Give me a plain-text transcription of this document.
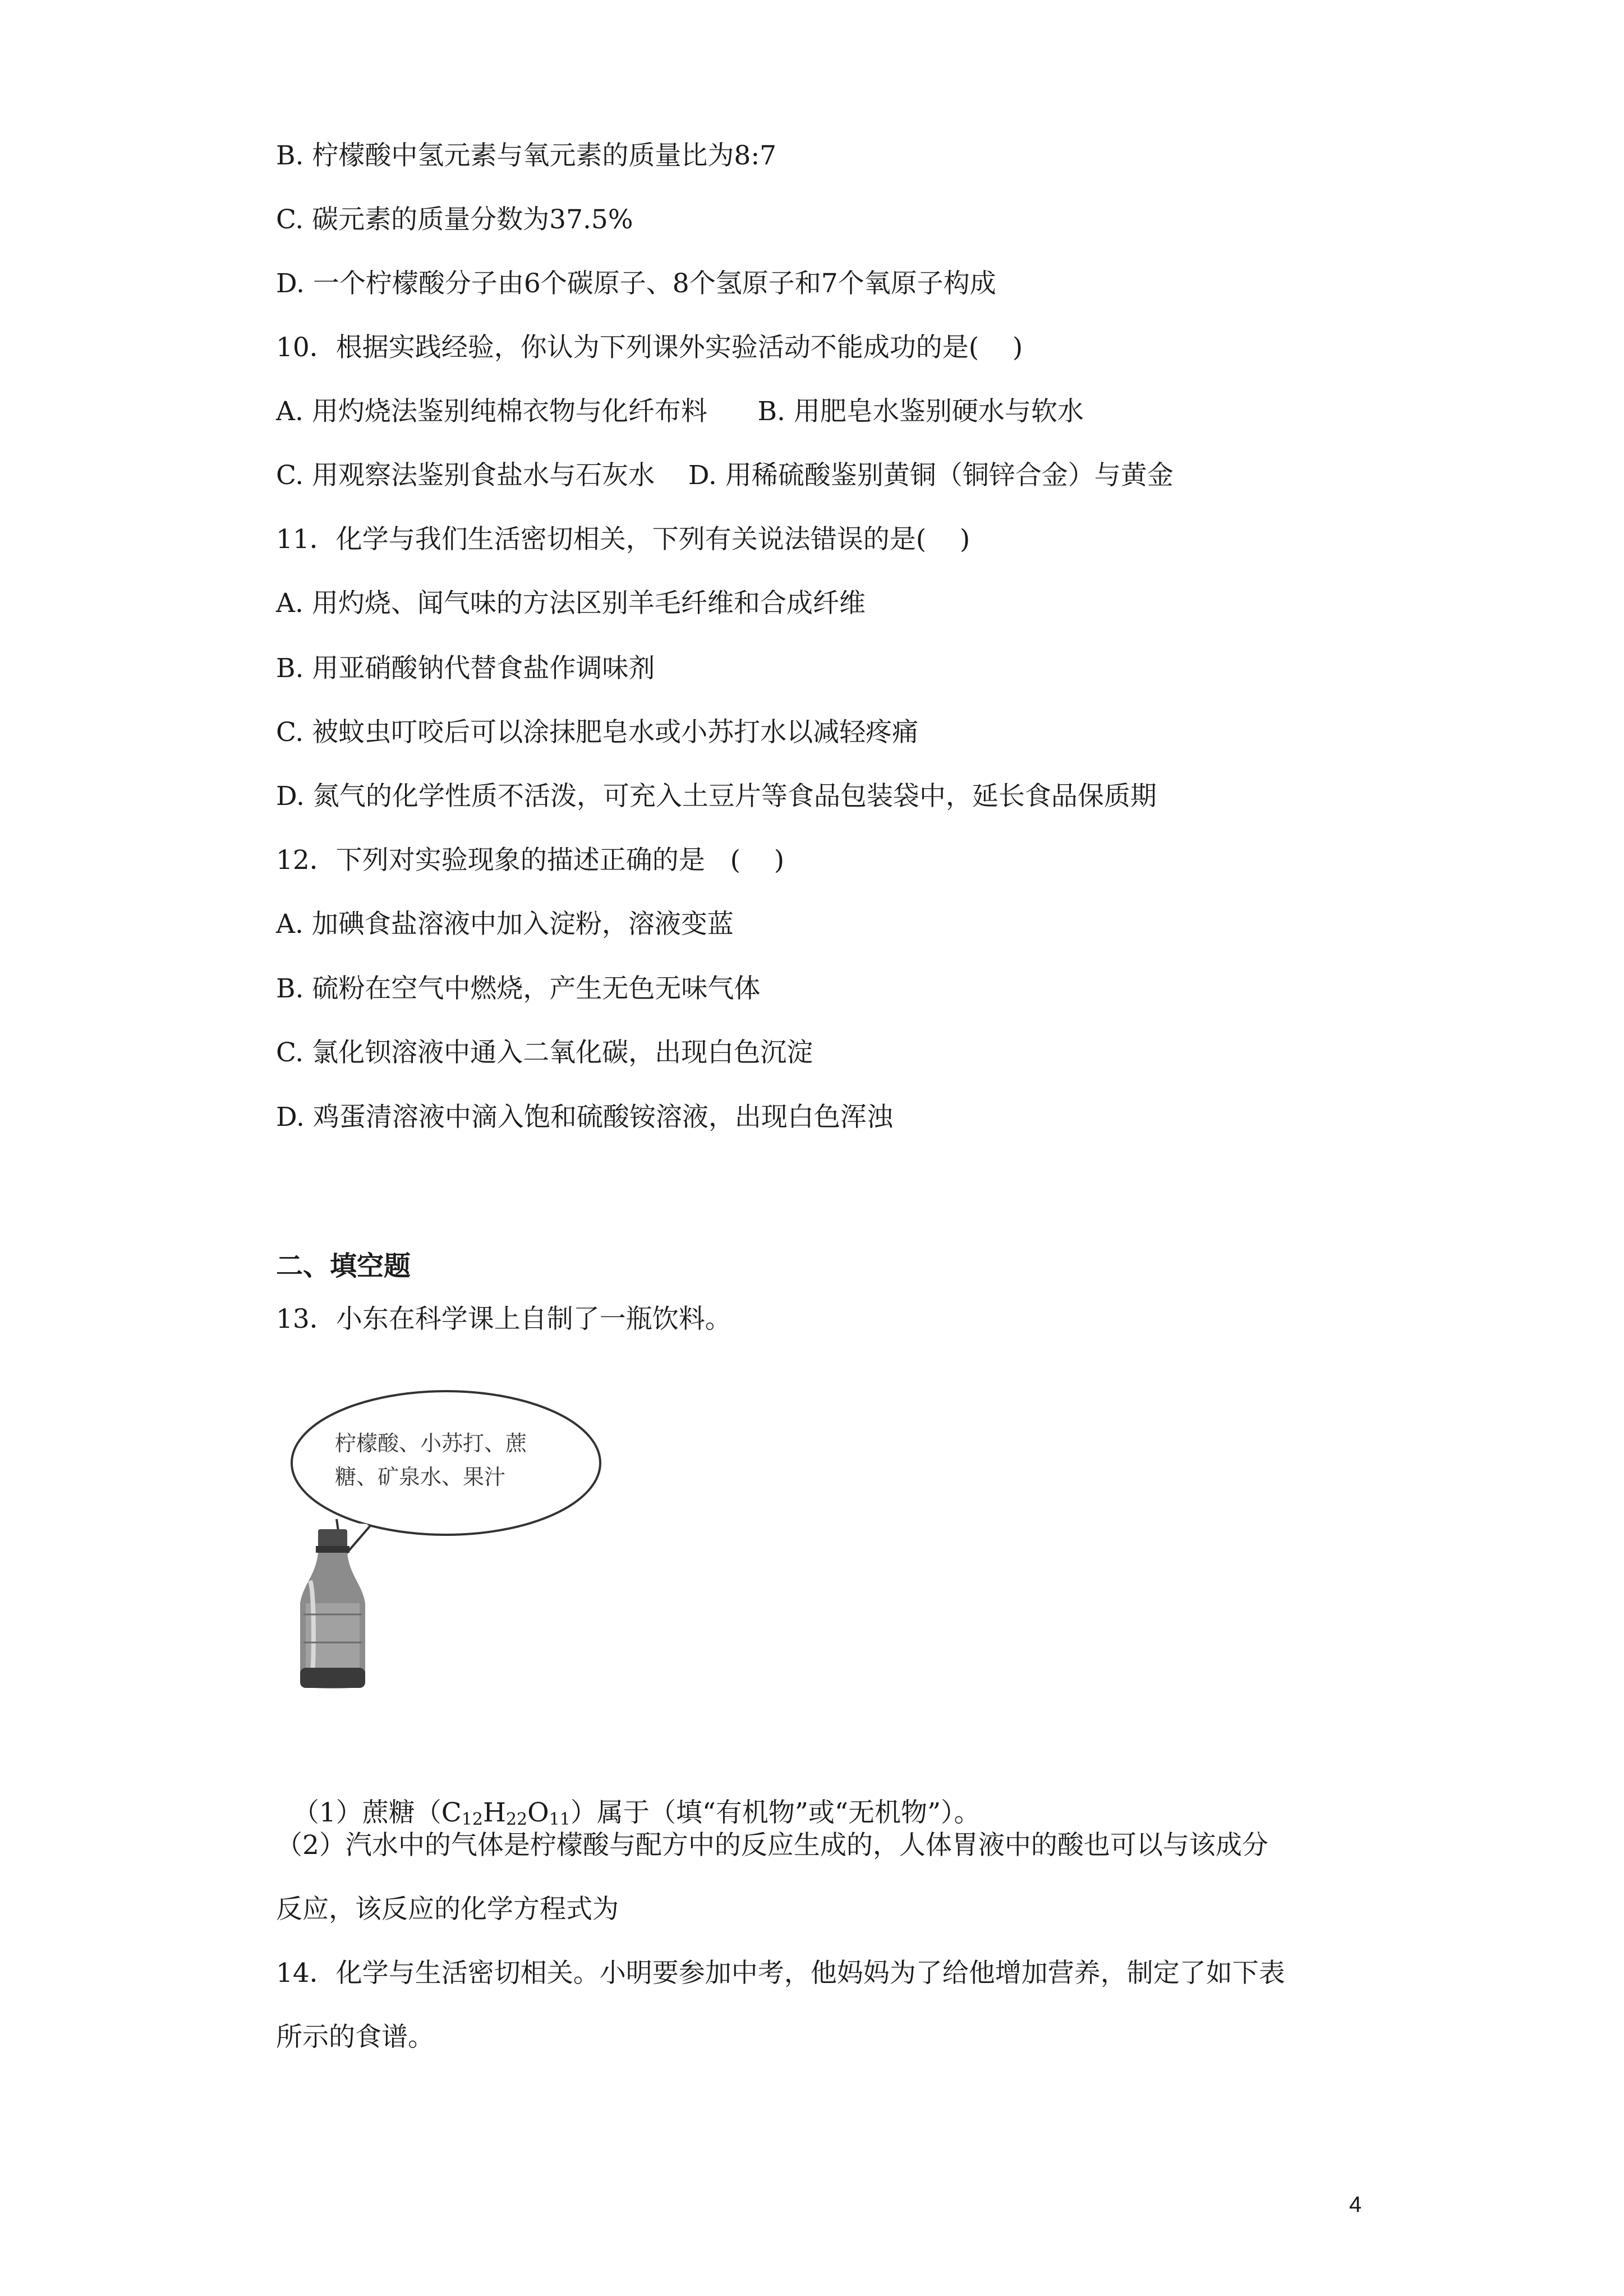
B. 柠檬酸中氢元素与氧元素的质量比为8:7
C. 碳元素的质量分数为37.5%
D. 一个柠檬酸分子由6个碳原子、8个氢原子和7个氧原子构成
10．根据实践经验，你认为下列课外实验活动不能成功的是(    )
A. 用灼烧法鉴别纯棉衣物与化纤布料      B. 用肥皂水鉴别硬水与软水
C. 用观察法鉴别食盐水与石灰水    D. 用稀硫酸鉴别黄铜（铜锌合金）与黄金
11．化学与我们生活密切相关，下列有关说法错误的是(    )
A. 用灼烧、闻气味的方法区别羊毛纤维和合成纤维
B. 用亚硝酸钠代替食盐作调味剂
C. 被蚊虫叮咬后可以涂抹肥皂水或小苏打水以减轻疼痛
D. 氮气的化学性质不活泼，可充入土豆片等食品包装袋中，延长食品保质期
12．下列对实验现象的描述正确的是   (    )
A. 加碘食盐溶液中加入淀粉，溶液变蓝
B. 硫粉在空气中燃烧，产生无色无味气体
C. 氯化钡溶液中通入二氧化碳，出现白色沉淀
D. 鸡蛋清溶液中滴入饱和硫酸铵溶液，出现白色浑浊
二、填空题
13．小东在科学课上自制了一瓶饮料。
柠檬酸、小苏打、蔗
糖、矿泉水、果汁

（1）蔗糖$(C_{12}H_{22}O_{11})$属于（填“有机物”或“无机物”）。

（2）汽水中的气体是柠檬酸与配方中的反应生成的，人体胃液中的酸也可以与该成分
反应，该反应的化学方程式为
14．化学与生活密切相关。小明要参加中考，他妈妈为了给他增加营养，制定了如下表
所示的食谱。
4
